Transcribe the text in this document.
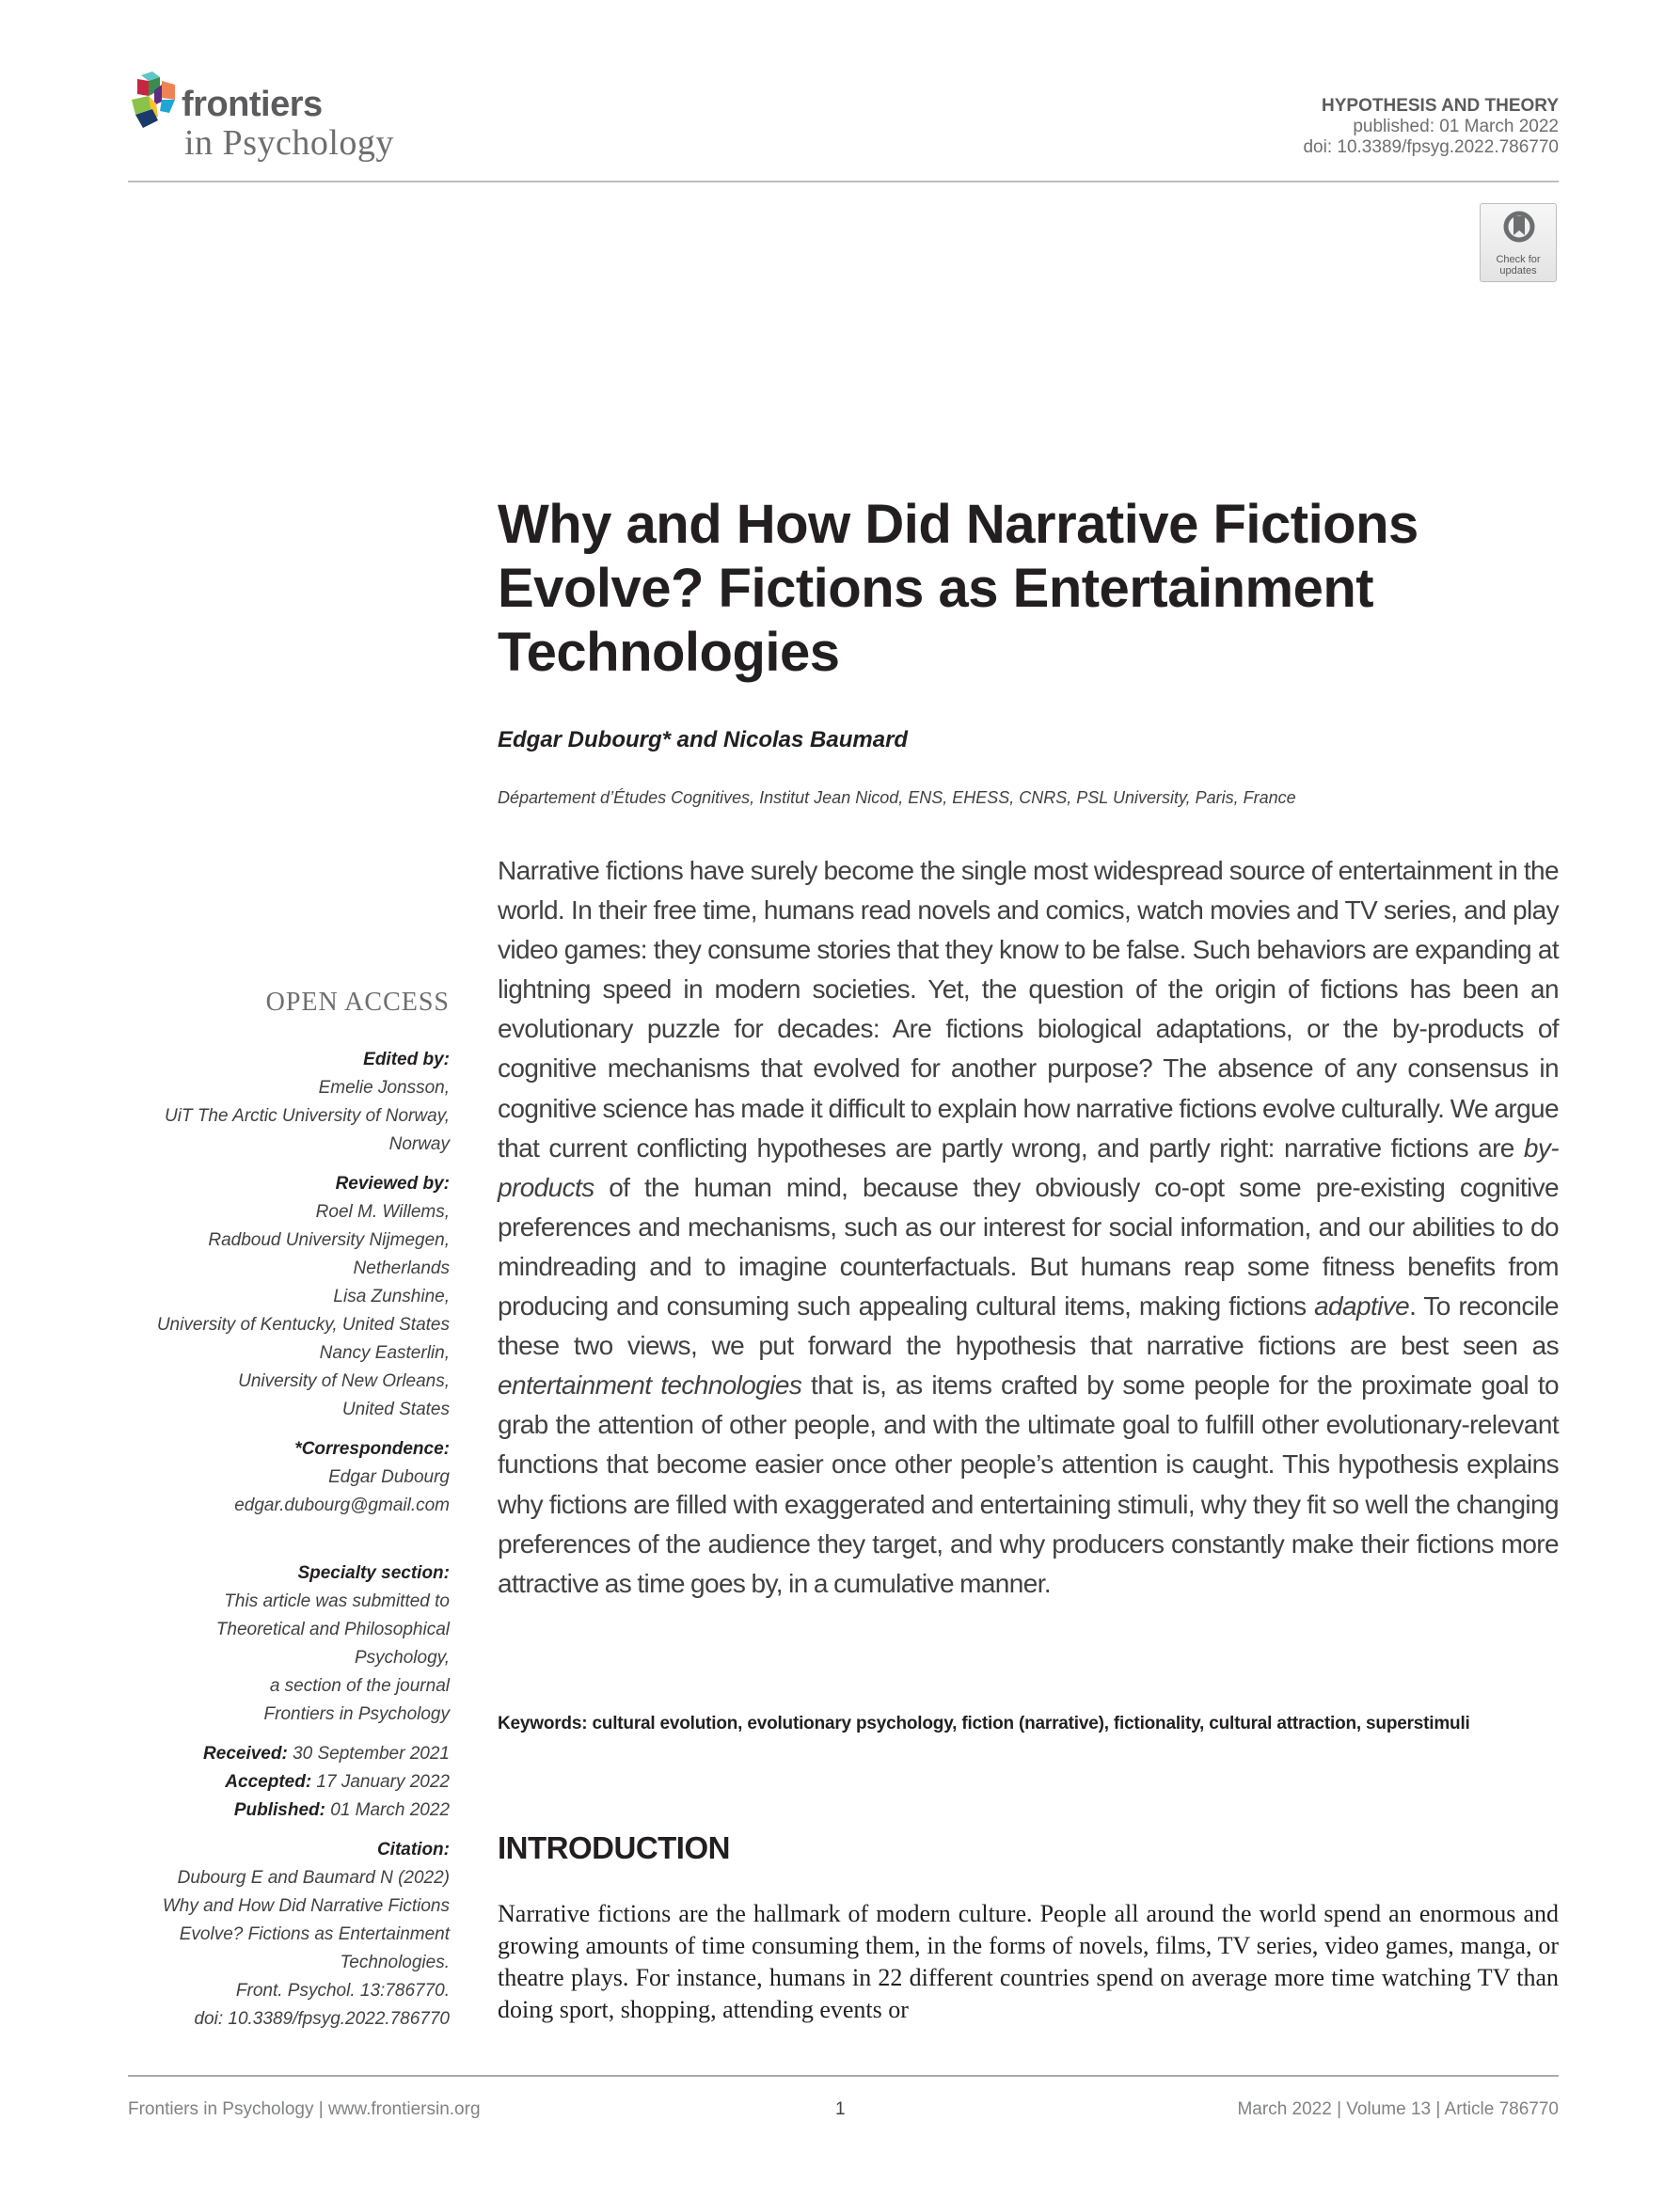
frontiers
in Psychology
HYPOTHESIS AND THEORY
published: 01 March 2022
doi: 10.3389/fpsyg.2022.786770
Check for
updates
Why and How Did Narrative Fictions Evolve? Fictions as Entertainment Technologies
Edgar Dubourg* and Nicolas Baumard
Département d’Études Cognitives, Institut Jean Nicod, ENS, EHESS, CNRS, PSL University, Paris, France
OPEN ACCESS
Edited by:
Emelie Jonsson,
UiT The Arctic University of Norway,
Norway
Reviewed by:
Roel M. Willems,
Radboud University Nijmegen,
Netherlands
Lisa Zunshine,
University of Kentucky, United States
Nancy Easterlin,
University of New Orleans,
United States
*Correspondence:
Edgar Dubourg
edgar.dubourg@gmail.com
Specialty section:
This article was submitted to
Theoretical and Philosophical
Psychology,
a section of the journal
Frontiers in Psychology
Received: 30 September 2021
Accepted: 17 January 2022
Published: 01 March 2022
Citation:
Dubourg E and Baumard N (2022)
Why and How Did Narrative Fictions
Evolve? Fictions as Entertainment
Technologies.
Front. Psychol. 13:786770.
doi: 10.3389/fpsyg.2022.786770

Narrative fictions have surely become the single most widespread source of entertainment in the world. In their free time, humans read novels and comics, watch movies and TV series, and play video games: they consume stories that they know to be false. Such behaviors are expanding at lightning speed in modern societies. Yet, the question of the origin of fictions has been an evolutionary puzzle for decades: Are fictions biological adaptations, or the by-products of cognitive mechanisms that evolved for another purpose? The absence of any consensus in cognitive science has made it difficult to explain how narrative fictions evolve culturally. We argue that current conflicting hypotheses are partly wrong, and partly right: narrative fictions are by-products of the human mind, because they obviously co-opt some pre-existing cognitive preferences and mechanisms, such as our interest for social information, and our abilities to do mindreading and to imagine counterfactuals. But humans reap some fitness benefits from producing and consuming such appealing cultural items, making fictions adaptive. To reconcile these two views, we put forward the hypothesis that narrative fictions are best seen as entertainment technologies that is, as items crafted by some people for the proximate goal to grab the attention of other people, and with the ultimate goal to fulfill other evolutionary-relevant functions that become easier once other people’s attention is caught. This hypothesis explains why fictions are filled with exaggerated and entertaining stimuli, why they fit so well the changing preferences of the audience they target, and why producers constantly make their fictions more attractive as time goes by, in a cumulative manner.

Keywords: cultural evolution, evolutionary psychology, fiction (narrative), fictionality, cultural attraction, superstimuli
INTRODUCTION

Narrative fictions are the hallmark of modern culture. People all around the world spend an enormous and growing amounts of time consuming them, in the forms of novels, films, TV series, video games, manga, or theatre plays. For instance, humans in 22 different countries spend on average more time watching TV than doing sport, shopping, attending events or

Frontiers in Psychology | www.frontiersin.org	1	March 2022 | Volume 13 | Article 786770
